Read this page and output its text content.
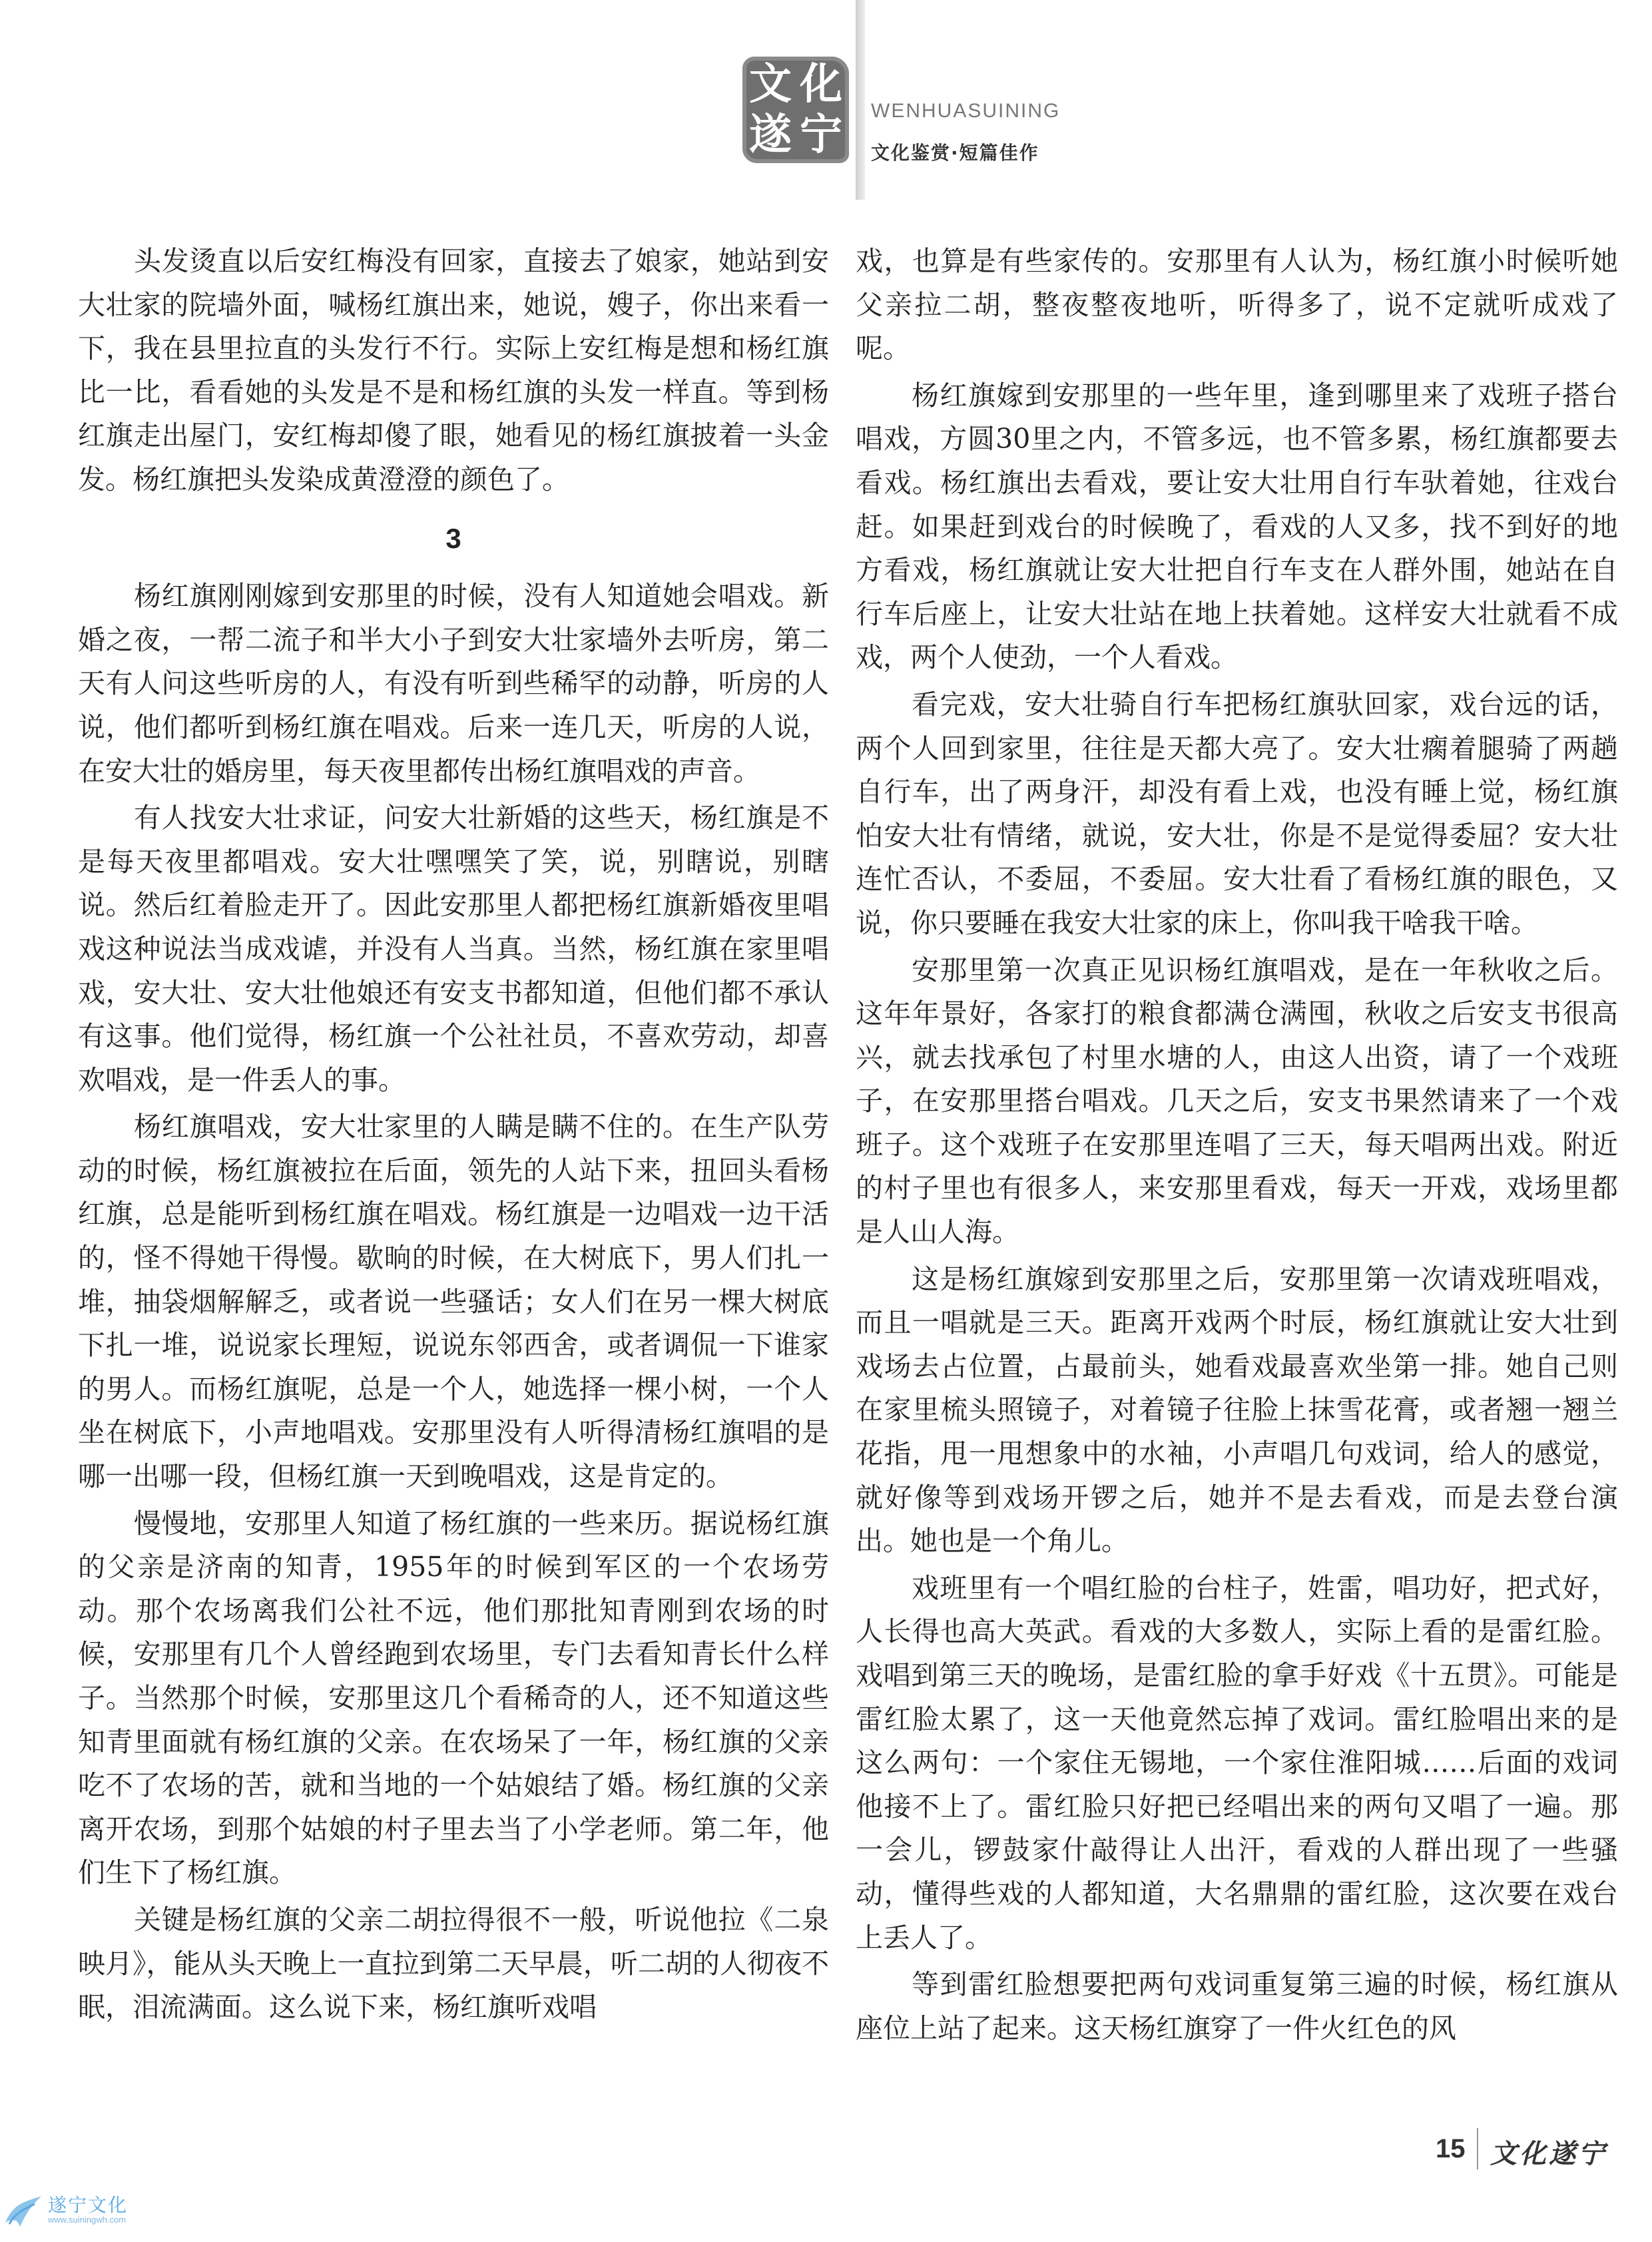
文 化
遂 宁 WENHUASUINING
文化鉴赏·短篇佳作

头发烫直以后安红梅没有回家，直接去了娘家，她站到安大壮家的院墙外面，喊杨红旗出来，她说，嫂子，你出来看一下，我在县里拉直的头发行不行。实际上安红梅是想和杨红旗比一比，看看她的头发是不是和杨红旗的头发一样直。等到杨红旗走出屋门，安红梅却傻了眼，她看见的杨红旗披着一头金发。杨红旗把头发染成黄澄澄的颜色了。

3

杨红旗刚刚嫁到安那里的时候，没有人知道她会唱戏。新婚之夜，一帮二流子和半大小子到安大壮家墙外去听房，第二天有人问这些听房的人，有没有听到些稀罕的动静，听房的人说，他们都听到杨红旗在唱戏。后来一连几天，听房的人说，在安大壮的婚房里，每天夜里都传出杨红旗唱戏的声音。

有人找安大壮求证，问安大壮新婚的这些天，杨红旗是不是每天夜里都唱戏。安大壮嘿嘿笑了笑，说，别瞎说，别瞎说。然后红着脸走开了。因此安那里人都把杨红旗新婚夜里唱戏这种说法当成戏谑，并没有人当真。当然，杨红旗在家里唱戏，安大壮、安大壮他娘还有安支书都知道，但他们都不承认有这事。他们觉得，杨红旗一个公社社员，不喜欢劳动，却喜欢唱戏，是一件丢人的事。

杨红旗唱戏，安大壮家里的人瞒是瞒不住的。在生产队劳动的时候，杨红旗被拉在后面，领先的人站下来，扭回头看杨红旗，总是能听到杨红旗在唱戏。杨红旗是一边唱戏一边干活的，怪不得她干得慢。歇晌的时候，在大树底下，男人们扎一堆，抽袋烟解解乏，或者说一些骚话；女人们在另一棵大树底下扎一堆，说说家长理短，说说东邻西舍，或者调侃一下谁家的男人。而杨红旗呢，总是一个人，她选择一棵小树，一个人坐在树底下，小声地唱戏。安那里没有人听得清杨红旗唱的是哪一出哪一段，但杨红旗一天到晚唱戏，这是肯定的。

慢慢地，安那里人知道了杨红旗的一些来历。据说杨红旗的父亲是济南的知青，1955年的时候到军区的一个农场劳动。那个农场离我们公社不远，他们那批知青刚到农场的时候，安那里有几个人曾经跑到农场里，专门去看知青长什么样子。当然那个时候，安那里这几个看稀奇的人，还不知道这些知青里面就有杨红旗的父亲。在农场呆了一年，杨红旗的父亲吃不了农场的苦，就和当地的一个姑娘结了婚。杨红旗的父亲离开农场，到那个姑娘的村子里去当了小学老师。第二年，他们生下了杨红旗。

关键是杨红旗的父亲二胡拉得很不一般，听说他拉《二泉映月》，能从头天晚上一直拉到第二天早晨，听二胡的人彻夜不眠，泪流满面。这么说下来，杨红旗听戏唱

戏，也算是有些家传的。安那里有人认为，杨红旗小时候听她父亲拉二胡，整夜整夜地听，听得多了，说不定就听成戏了呢。

杨红旗嫁到安那里的一些年里，逢到哪里来了戏班子搭台唱戏，方圆30里之内，不管多远，也不管多累，杨红旗都要去看戏。杨红旗出去看戏，要让安大壮用自行车驮着她，往戏台赶。如果赶到戏台的时候晚了，看戏的人又多，找不到好的地方看戏，杨红旗就让安大壮把自行车支在人群外围，她站在自行车后座上，让安大壮站在地上扶着她。这样安大壮就看不成戏，两个人使劲，一个人看戏。

看完戏，安大壮骑自行车把杨红旗驮回家，戏台远的话，两个人回到家里，往往是天都大亮了。安大壮瘸着腿骑了两趟自行车，出了两身汗，却没有看上戏，也没有睡上觉，杨红旗怕安大壮有情绪，就说，安大壮，你是不是觉得委屈？安大壮连忙否认，不委屈，不委屈。安大壮看了看杨红旗的眼色，又说，你只要睡在我安大壮家的床上，你叫我干啥我干啥。

安那里第一次真正见识杨红旗唱戏，是在一年秋收之后。这年年景好，各家打的粮食都满仓满囤，秋收之后安支书很高兴，就去找承包了村里水塘的人，由这人出资，请了一个戏班子，在安那里搭台唱戏。几天之后，安支书果然请来了一个戏班子。这个戏班子在安那里连唱了三天，每天唱两出戏。附近的村子里也有很多人，来安那里看戏，每天一开戏，戏场里都是人山人海。

这是杨红旗嫁到安那里之后，安那里第一次请戏班唱戏，而且一唱就是三天。距离开戏两个时辰，杨红旗就让安大壮到戏场去占位置，占最前头，她看戏最喜欢坐第一排。她自己则在家里梳头照镜子，对着镜子往脸上抹雪花膏，或者翘一翘兰花指，甩一甩想象中的水袖，小声唱几句戏词，给人的感觉，就好像等到戏场开锣之后，她并不是去看戏，而是去登台演出。她也是一个角儿。

戏班里有一个唱红脸的台柱子，姓雷，唱功好，把式好，人长得也高大英武。看戏的大多数人，实际上看的是雷红脸。戏唱到第三天的晚场，是雷红脸的拿手好戏《十五贯》。可能是雷红脸太累了，这一天他竟然忘掉了戏词。雷红脸唱出来的是这么两句：一个家住无锡地，一个家住淮阳城……后面的戏词他接不上了。雷红脸只好把已经唱出来的两句又唱了一遍。那一会儿，锣鼓家什敲得让人出汗，看戏的人群出现了一些骚动，懂得些戏的人都知道，大名鼎鼎的雷红脸，这次要在戏台上丢人了。

等到雷红脸想要把两句戏词重复第三遍的时候，杨红旗从座位上站了起来。这天杨红旗穿了一件火红色的风

15 文化遂宁
遂宁文化
www.suiningwh.com
